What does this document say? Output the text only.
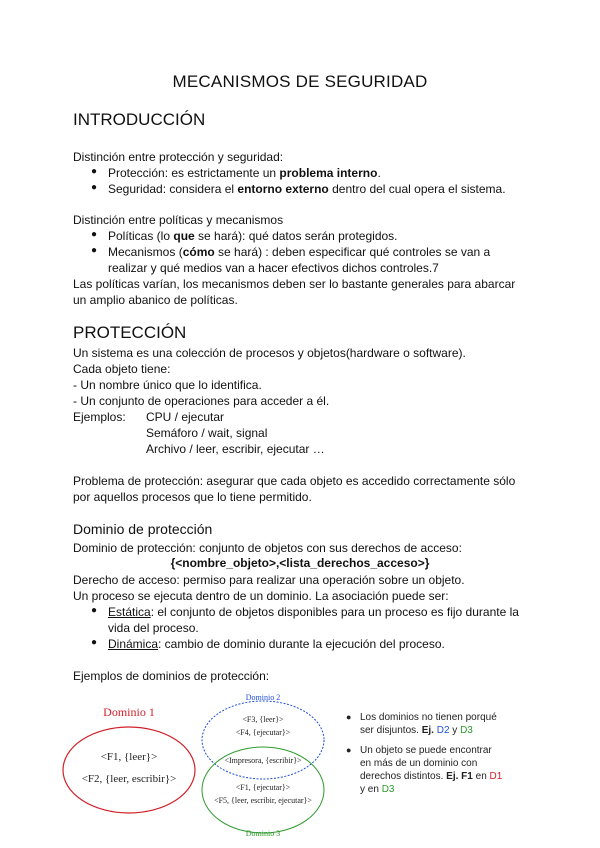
MECANISMOS DE SEGURIDAD
INTRODUCCIÓN
Distinción entre protección y seguridad:
● Protección: es estrictamente un problema interno.
● Seguridad: considera el entorno externo dentro del cual opera el sistema.
Distinción entre políticas y mecanismos
● Políticas (lo que se hará): qué datos serán protegidos.
● Mecanismos (cómo se hará) : deben especificar qué controles se van a
realizar y qué medios van a hacer efectivos dichos controles.7
Las políticas varían, los mecanismos deben ser lo bastante generales para abarcar
un amplio abanico de políticas.
PROTECCIÓN
Un sistema es una colección de procesos y objetos(hardware o software).
Cada objeto tiene:
- Un nombre único que lo identifica.
- Un conjunto de operaciones para acceder a él.
Ejemplos: CPU / ejecutar
Semáforo / wait, signal
Archivo / leer, escribir, ejecutar …
Problema de protección: asegurar que cada objeto es accedido correctamente sólo
por aquellos procesos que lo tiene permitido.
Dominio de protección
Dominio de protección: conjunto de objetos con sus derechos de acceso:
{<nombre_objeto>,<lista_derechos_acceso>}
Derecho de acceso: permiso para realizar una operación sobre un objeto.
Un proceso se ejecuta dentro de un dominio. La asociación puede ser:
● Estática: el conjunto de objetos disponibles para un proceso es fijo durante la
vida del proceso.
● Dinámica: cambio de dominio durante la ejecución del proceso.
Ejemplos de dominios de protección:
Dominio 1
<F1, {leer}>
<F2, {leer, escribir}>
Dominio 2
<F3, {leer}>
<F4, {ejecutar}>
<Impresora, {escribir}>
<F1, {ejecutar}>
<F5, {leer, escribir, ejecutar}>
Dominio 3
● Los dominios no tienen porqué
ser disjuntos. Ej. D2 y D3
● Un objeto se puede encontrar
en más de un dominio con
derechos distintos. Ej. F1 en D1
y en D3
